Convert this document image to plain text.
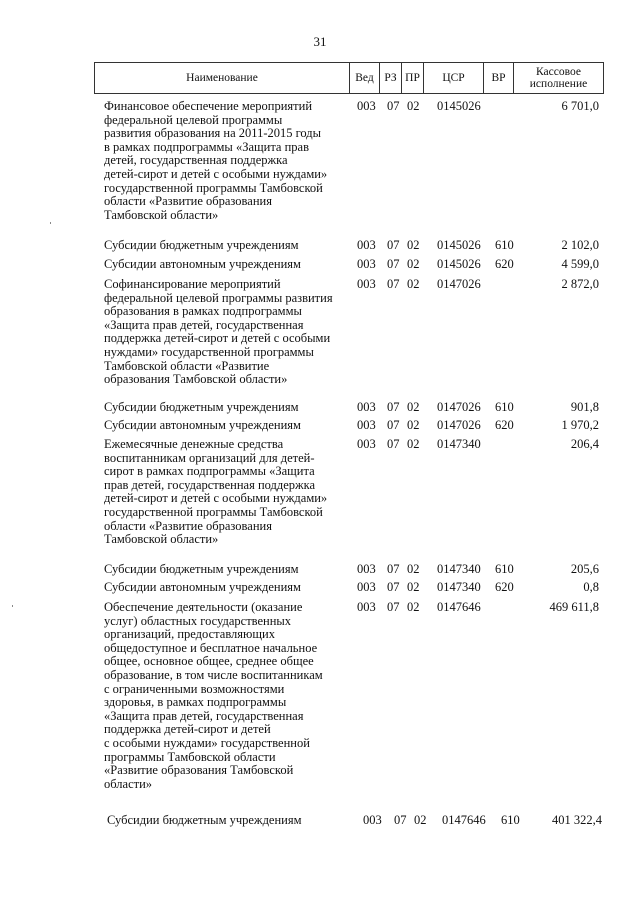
31
Наименование	Вед РЗ ПР	ЦСР	ВР	Кассовое
исполнение
Финансовое обеспечение мероприятий
федеральной целевой программы
развития образования на 2011-2015 годы
в рамках подпрограммы «Защита прав
детей, государственная поддержка
детей-сирот и детей с особыми нуждами»
государственной программы Тамбовской
области «Развитие образования
Тамбовской области»
003 07 02 0145026	6 701,0
Субсидии бюджетным учреждениям	003 07 02 0145026 610	2 102,0
Субсидии автономным учреждениям	003 07 02 0145026 620	4 599,0
Софинансирование мероприятий
федеральной целевой программы развития
образования в рамках подпрограммы
«Защита прав детей, государственная
поддержка детей-сирот и детей с особыми
нуждами» государственной программы
Тамбовской области «Развитие
образования Тамбовской области»
003 07 02 0147026	2 872,0
Субсидии бюджетным учреждениям	003 07 02 0147026 610	901,8
Субсидии автономным учреждениям	003 07 02 0147026 620	1 970,2
Ежемесячные денежные средства
воспитанникам организаций для детей-
сирот в рамках подпрограммы «Защита
прав детей, государственная поддержка
детей-сирот и детей с особыми нуждами»
государственной программы Тамбовской
области «Развитие образования
Тамбовской области»
003 07 02 0147340	206,4
Субсидии бюджетным учреждениям	003 07 02 0147340 610	205,6
Субсидии автономным учреждениям	003 07 02 0147340 620	0,8
Обеспечение деятельности (оказание
услуг) областных государственных
организаций, предоставляющих
общедоступное и бесплатное начальное
общее, основное общее, среднее общее
образование, в том числе воспитанникам
с ограниченными возможностями
здоровья, в рамках подпрограммы
«Защита прав детей, государственная
поддержка детей-сирот и детей
с особыми нуждами» государственной
программы Тамбовской области
«Развитие образования Тамбовской
области»
003 07 02 0147646	469 611,8
Субсидии бюджетным учреждениям	003 07 02 0147646 610	401 322,4
